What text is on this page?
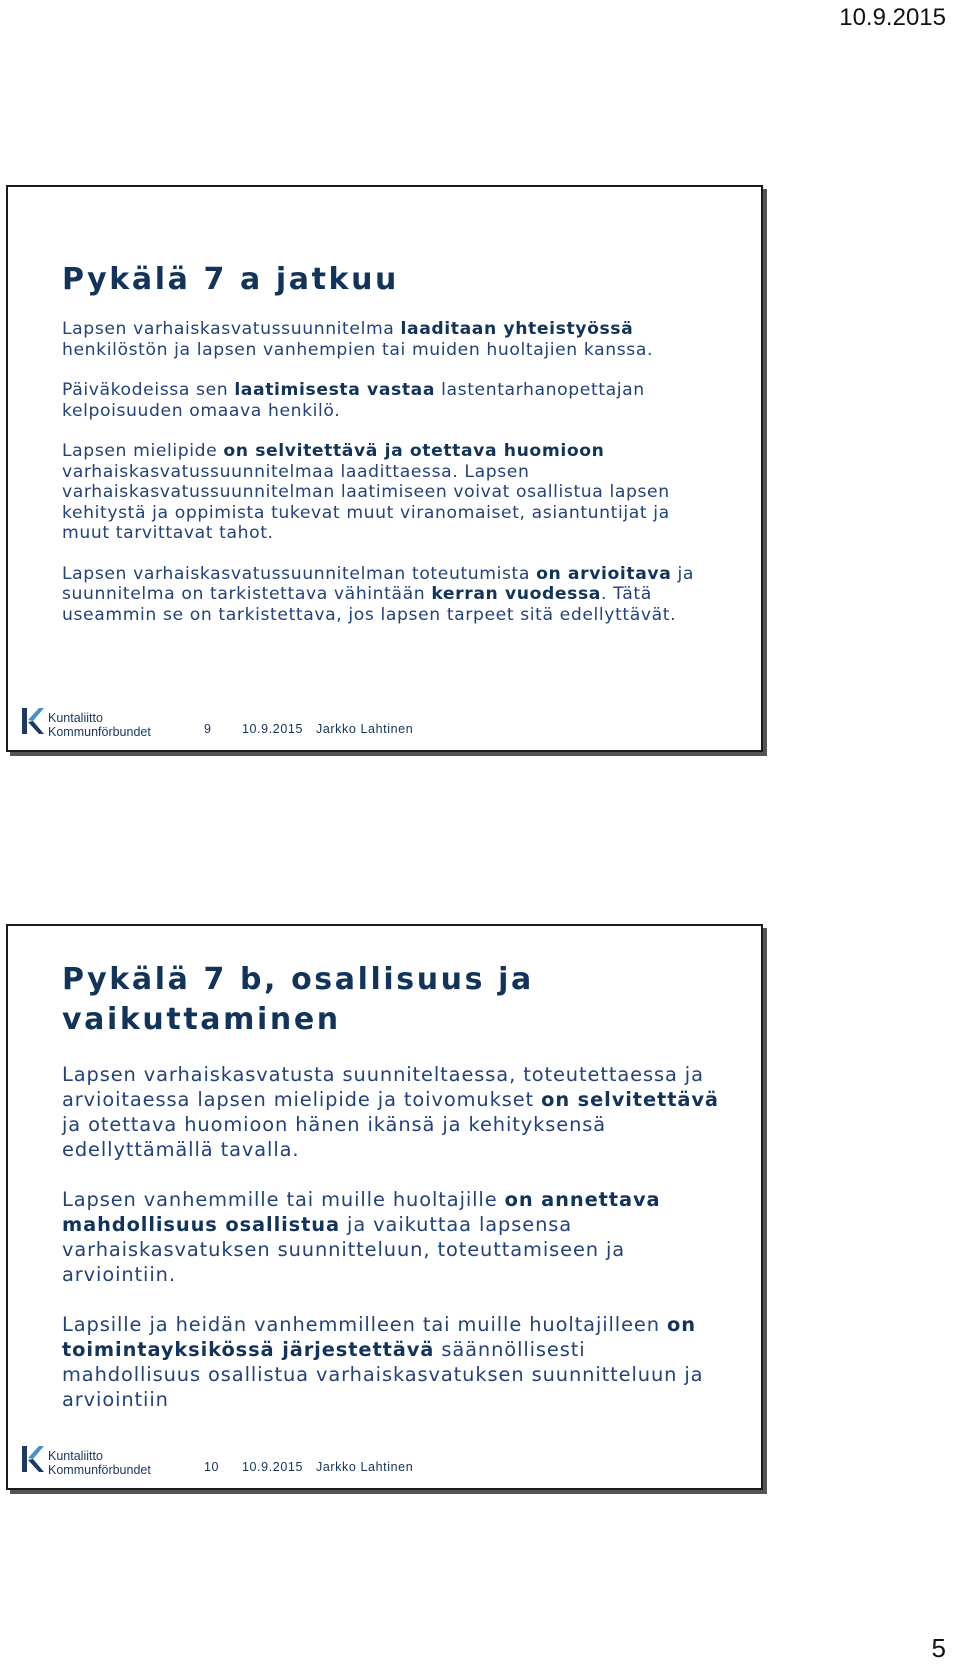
10.9.2015
Pykälä 7 a jatkuu

Lapsen varhaiskasvatussuunnitelma laaditaan yhteistyössä henkilöstön ja lapsen vanhempien tai muiden huoltajien kanssa.

Päiväkodeissa sen laatimisesta vastaa lastentarhanopettajan kelpoisuuden omaava henkilö.

Lapsen mielipide on selvitettävä ja otettava huomioon varhaiskasvatussuunnitelmaa laadittaessa. Lapsen varhaiskasvatussuunnitelman laatimiseen voivat osallistua lapsen kehitystä ja oppimista tukevat muut viranomaiset, asiantuntijat ja muut tarvittavat tahot.

Lapsen varhaiskasvatussuunnitelman toteutumista on arvioitava ja suunnitelma on tarkistettava vähintään kerran vuodessa. Tätä useammin se on tarkistettava, jos lapsen tarpeet sitä edellyttävät.

Kuntaliitto
Kommunförbundet	9 10.9.2015 Jarkko Lahtinen
Pykälä 7 b, osallisuus ja vaikuttaminen

Lapsen varhaiskasvatusta suunniteltaessa, toteutettaessa ja arvioitaessa lapsen mielipide ja toivomukset on selvitettävä ja otettava huomioon hänen ikänsä ja kehityksensä edellyttämällä tavalla.

Lapsen vanhemmille tai muille huoltajille on annettava mahdollisuus osallistua ja vaikuttaa lapsensa varhaiskasvatuksen suunnitteluun, toteuttamiseen ja arviointiin.

Lapsille ja heidän vanhemmilleen tai muille huoltajilleen on toimintayksikössä järjestettävä säännöllisesti mahdollisuus osallistua varhaiskasvatuksen suunnitteluun ja arviointiin

Kuntaliitto
Kommunförbundet	10 10.9.2015 Jarkko Lahtinen
5
